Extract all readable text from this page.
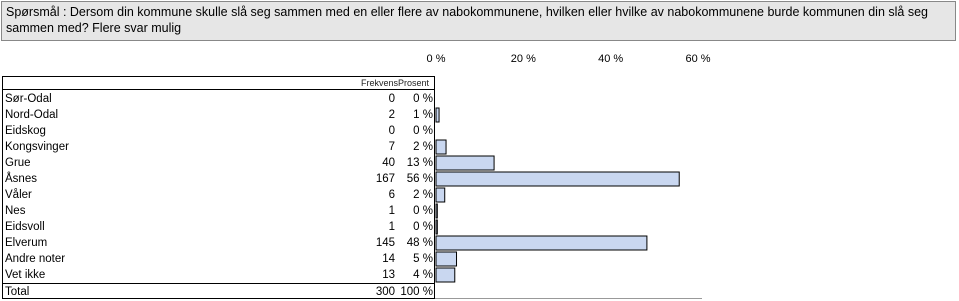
Spørsmål : Dersom din kommune skulle slå seg sammen med en eller flere av nabokommunene, hvilken eller hvilke av nabokommunene burde kommunen din slå seg sammen med? Flere svar mulig
0 %	20 %	40 %	60 %
Frekvens Prosent
Sør-Odal	0	0 %
Nord-Odal	2	1 %
Eidskog	0	0 %
Kongsvinger	7	2 %
Grue	40	13 %
Åsnes	167	56 %
Våler	6	2 %
Nes	1	0 %
Eidsvoll	1	0 %
Elverum	145	48 %
Andre noter	14	5 %
Vet ikke	13	4 %
Total	300 100 %
